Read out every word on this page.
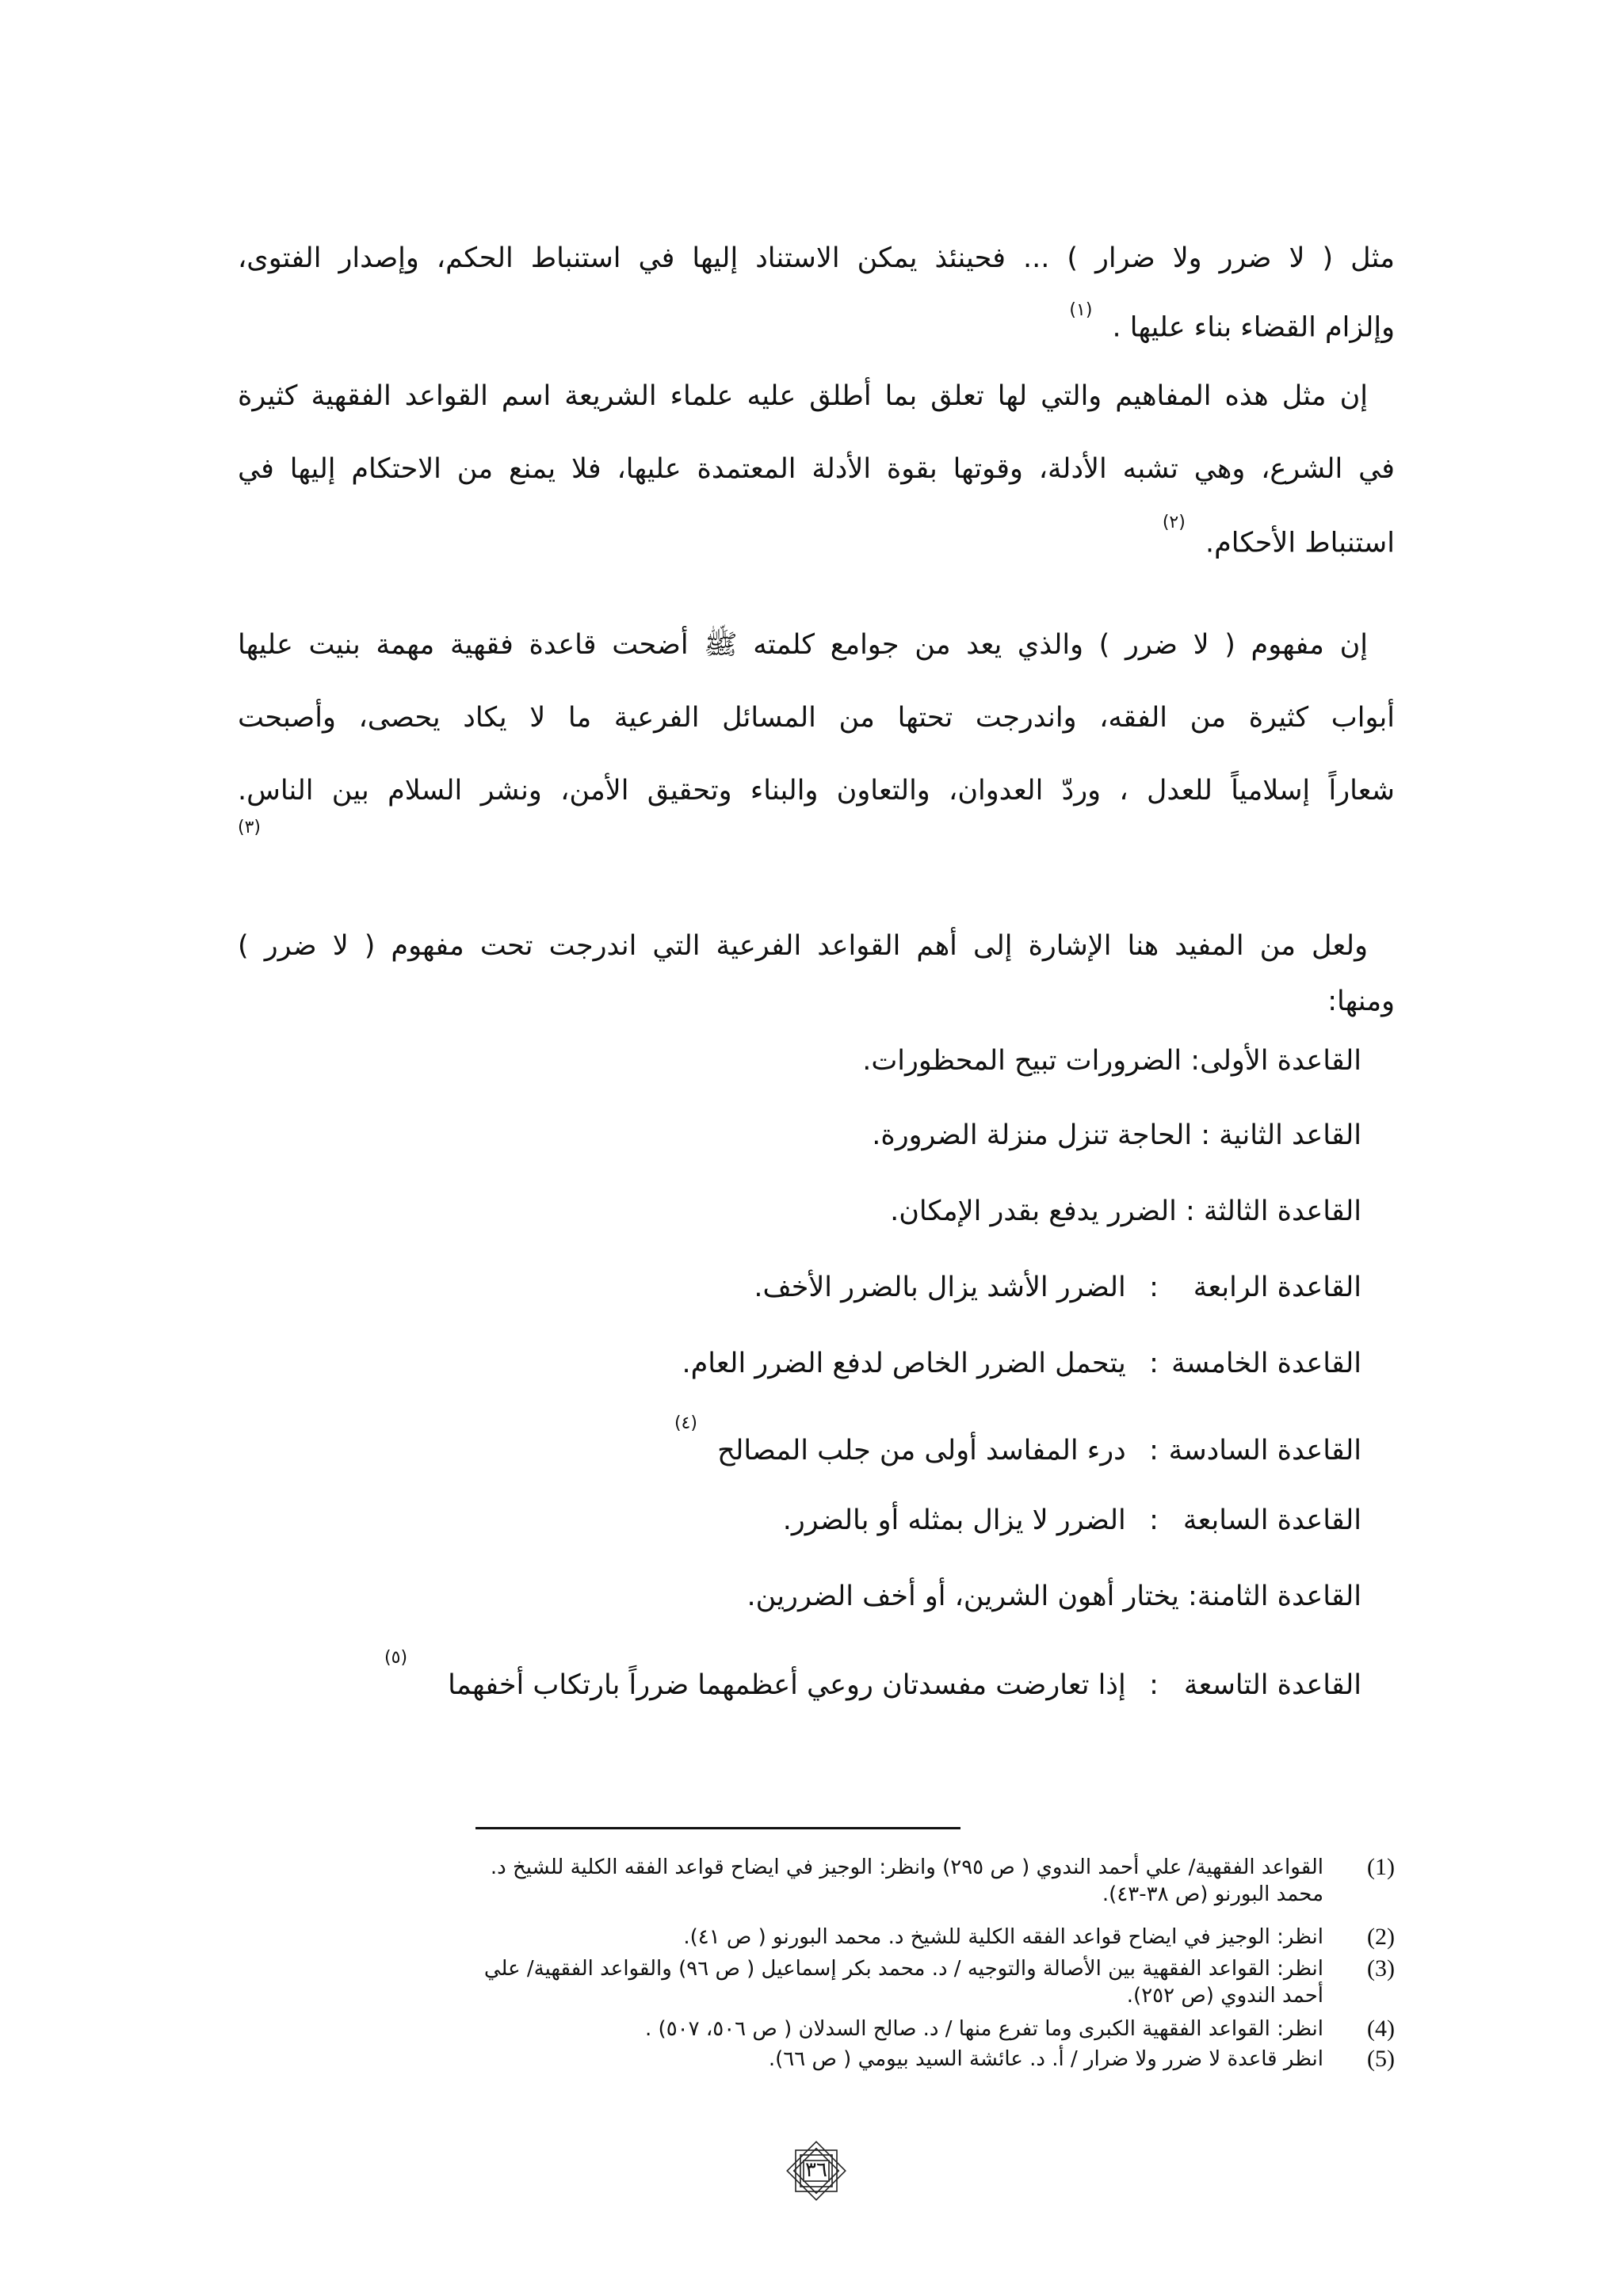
مثل ( لا ضرر ولا ضرار ) ... فحينئذ يمكن الاستناد إليها في استنباط الحكم، وإصدار الفتوى،
وإلزام القضاء بناء عليها . $^{(١)}$
إن مثل هذه المفاهيم والتي لها تعلق بما أطلق عليه علماء الشريعة اسم القواعد الفقهية كثيرة
في الشرع، وهي تشبه الأدلة، وقوتها بقوة الأدلة المعتمدة عليها، فلا يمنع من الاحتكام إليها في
استنباط الأحكام. $^{(٢)}$
إن مفهوم ( لا ضرر ) والذي يعد من جوامع كلمته ﷺ أضحت قاعدة فقهية مهمة بنيت عليها
أبواب كثيرة من الفقه، واندرجت تحتها من المسائل الفرعية ما لا يكاد يحصى، وأصبحت
شعاراً إسلامياً للعدل ، وردّ العدوان، والتعاون والبناء وتحقيق الأمن، ونشر السلام بين الناس.
(٣)
ولعل من المفيد هنا الإشارة إلى أهم القواعد الفرعية التي اندرجت تحت مفهوم ( لا ضرر )
ومنها:
القاعدة الأولى: الضرورات تبيح المحظورات.
القاعد الثانية : الحاجة تنزل منزلة الضرورة.
القاعدة الثالثة : الضرر يدفع بقدر الإمكان.
القاعدة الرابعة : الضرر الأشد يزال بالضرر الأخف.
القاعدة الخامسة : يتحمل الضرر الخاص لدفع الضرر العام.
القاعدة السادسة : درء المفاسد أولى من جلب المصالح $^{(٤)}$
القاعدة السابعة : الضرر لا يزال بمثله أو بالضرر.
القاعدة الثامنة: يختار أهون الشرين، أو أخف الضررين.
القاعدة التاسعة : إذا تعارضت مفسدتان روعي أعظمهما ضرراً بارتكاب أخفهما $^{(٥)}$
(1)
القواعد الفقهية/ علي أحمد الندوي ( ص ٢٩٥) وانظر: الوجيز في ايضاح قواعد الفقه الكلية للشيخ د.
محمد البورنو (ص ٣٨-٤٣).
(2)
انظر: الوجيز في ايضاح قواعد الفقه الكلية للشيخ د. محمد البورنو ( ص ٤١).
(3)
انظر: القواعد الفقهية بين الأصالة والتوجيه / د. محمد بكر إسماعيل ( ص ٩٦) والقواعد الفقهية/ علي
أحمد الندوي (ص ٢٥٢).
(4)
انظر: القواعد الفقهية الكبرى وما تفرع منها / د. صالح السدلان ( ص ٥٠٦، ٥٠٧) .
(5)
انظر قاعدة لا ضرر ولا ضرار / أ. د. عائشة السيد بيومي ( ص ٦٦).
٣٦
